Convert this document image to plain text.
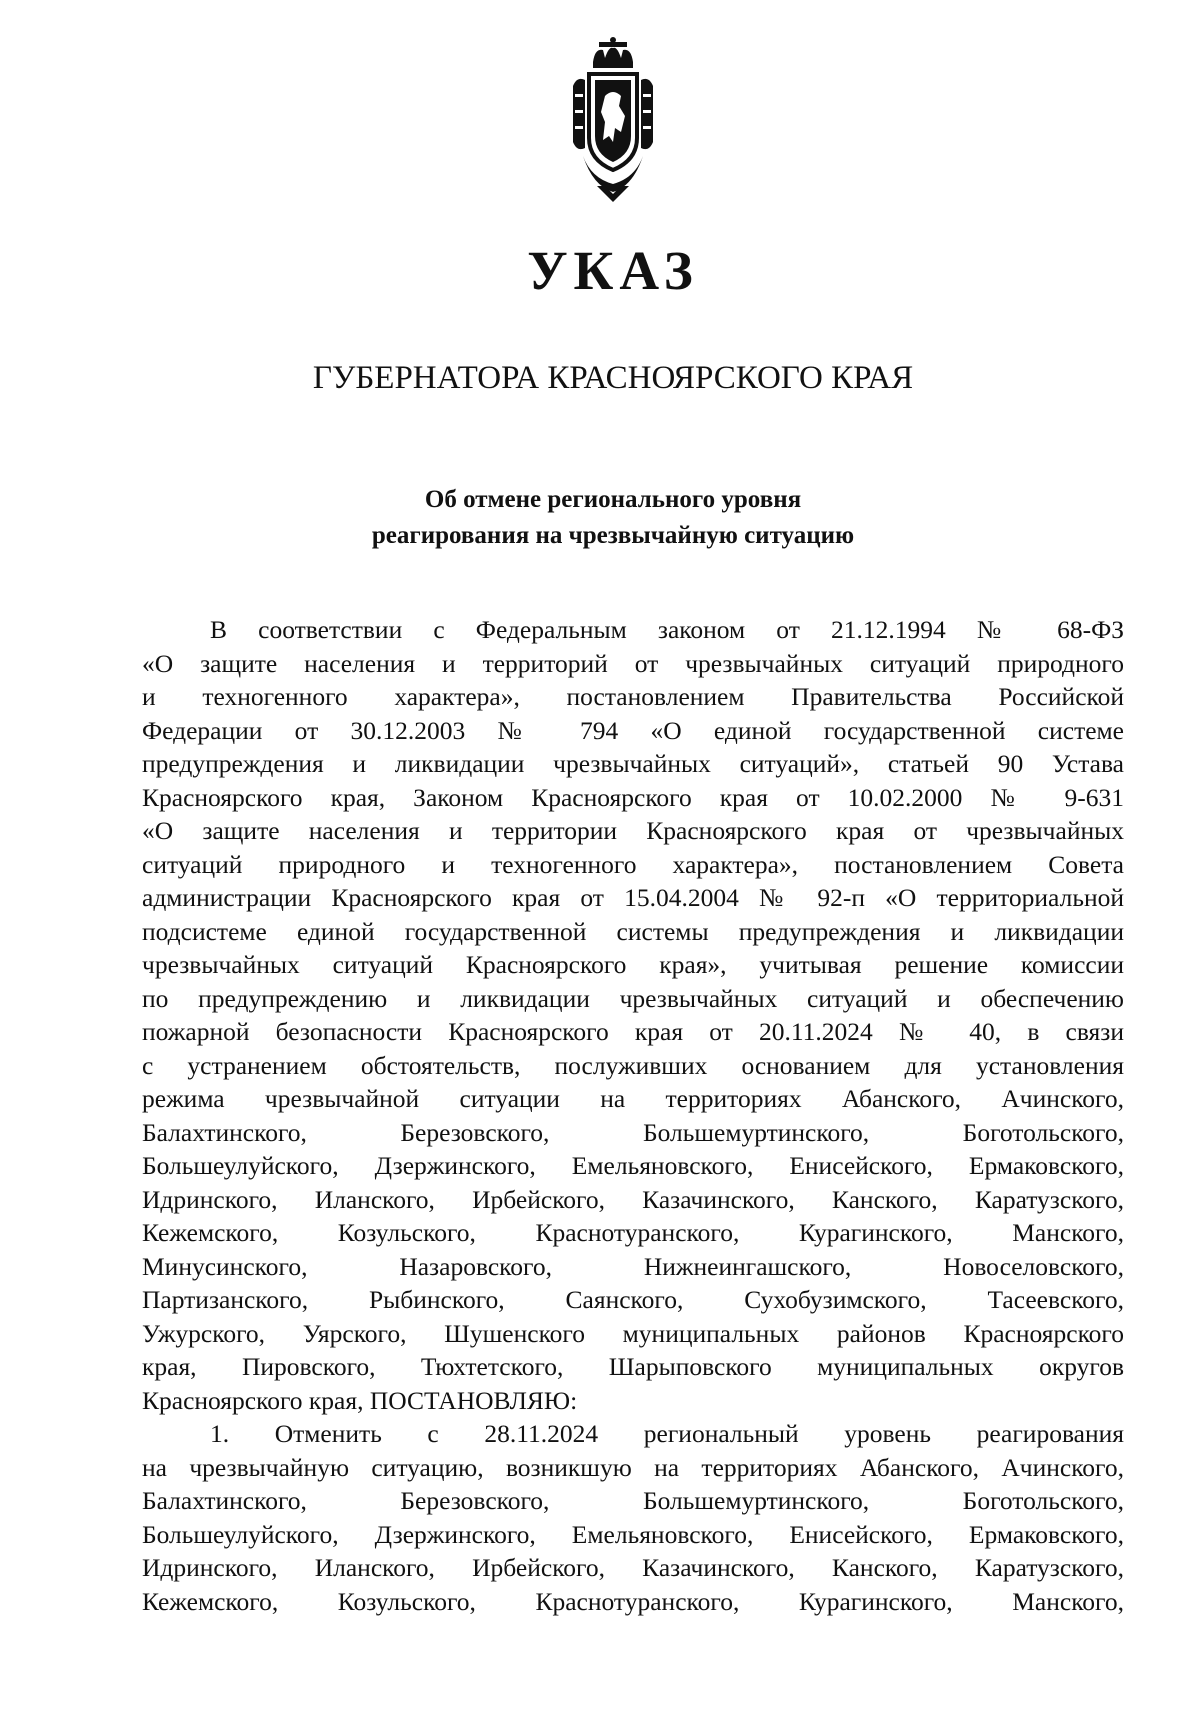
УКАЗ
ГУБЕРНАТОРА КРАСНОЯРСКОГО КРАЯ
Об отмене регионального уровня
реагирования на чрезвычайную ситуацию
В соответствии с Федеральным законом от 21.12.1994 № 68-ФЗ
«О защите населения и территорий от чрезвычайных ситуаций природного
и техногенного характера», постановлением Правительства Российской
Федерации от 30.12.2003 № 794 «О единой государственной системе
предупреждения и ликвидации чрезвычайных ситуаций», статьей 90 Устава
Красноярского края, Законом Красноярского края от 10.02.2000 № 9-631
«О защите населения и территории Красноярского края от чрезвычайных
ситуаций природного и техногенного характера», постановлением Совета
администрации Красноярского края от 15.04.2004 № 92-п «О территориальной
подсистеме единой государственной системы предупреждения и ликвидации
чрезвычайных ситуаций Красноярского края», учитывая решение комиссии
по предупреждению и ликвидации чрезвычайных ситуаций и обеспечению
пожарной безопасности Красноярского края от 20.11.2024 № 40, в связи
с устранением обстоятельств, послуживших основанием для установления
режима чрезвычайной ситуации на территориях Абанского, Ачинского,
Балахтинского, Березовского, Большемуртинского, Боготольского,
Большеулуйского, Дзержинского, Емельяновского, Енисейского, Ермаковского,
Идринского, Иланского, Ирбейского, Казачинского, Канского, Каратузского,
Кежемского, Козульского, Краснотуранского, Курагинского, Манского,
Минусинского, Назаровского, Нижнеингашского, Новоселовского,
Партизанского, Рыбинского, Саянского, Сухобузимского, Тасеевского,
Ужурского, Уярского, Шушенского муниципальных районов Красноярского
края, Пировского, Тюхтетского, Шарыповского муниципальных округов
Красноярского края, ПОСТАНОВЛЯЮ:
1. Отменить с 28.11.2024 региональный уровень реагирования
на чрезвычайную ситуацию, возникшую на территориях Абанского, Ачинского,
Балахтинского, Березовского, Большемуртинского, Боготольского,
Большеулуйского, Дзержинского, Емельяновского, Енисейского, Ермаковского,
Идринского, Иланского, Ирбейского, Казачинского, Канского, Каратузского,
Кежемского, Козульского, Краснотуранского, Курагинского, Манского,
